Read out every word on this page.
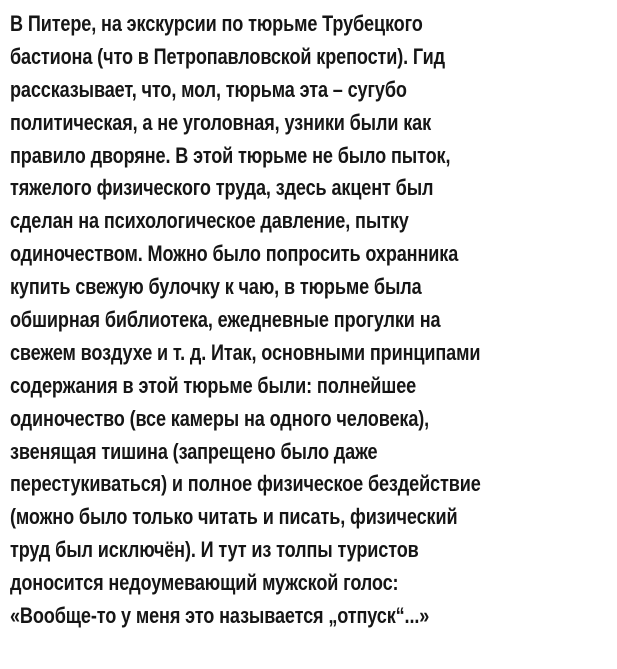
В Питере, на экскурсии по тюрьме Трубецкого
бастиона (что в Петропавловской крепости). Гид
рассказывает, что, мол, тюрьма эта – сугубо
политическая, а не уголовная, узники были как
правило дворяне. В этой тюрьме не было пыток,
тяжелого физического труда, здесь акцент был
сделан на психологическое давление, пытку
одиночеством. Можно было попросить охранника
купить свежую булочку к чаю, в тюрьме была
обширная библиотека, ежедневные прогулки на
свежем воздухе и т. д. Итак, основными принципами
содержания в этой тюрьме были: полнейшее
одиночество (все камеры на одного человека),
звенящая тишина (запрещено было даже
перестукиваться) и полное физическое бездействие
(можно было только читать и писать, физический
труд был исключён). И тут из толпы туристов
доносится недоумевающий мужской голос:
«Вообще-то у меня это называется „отпуск“...»
